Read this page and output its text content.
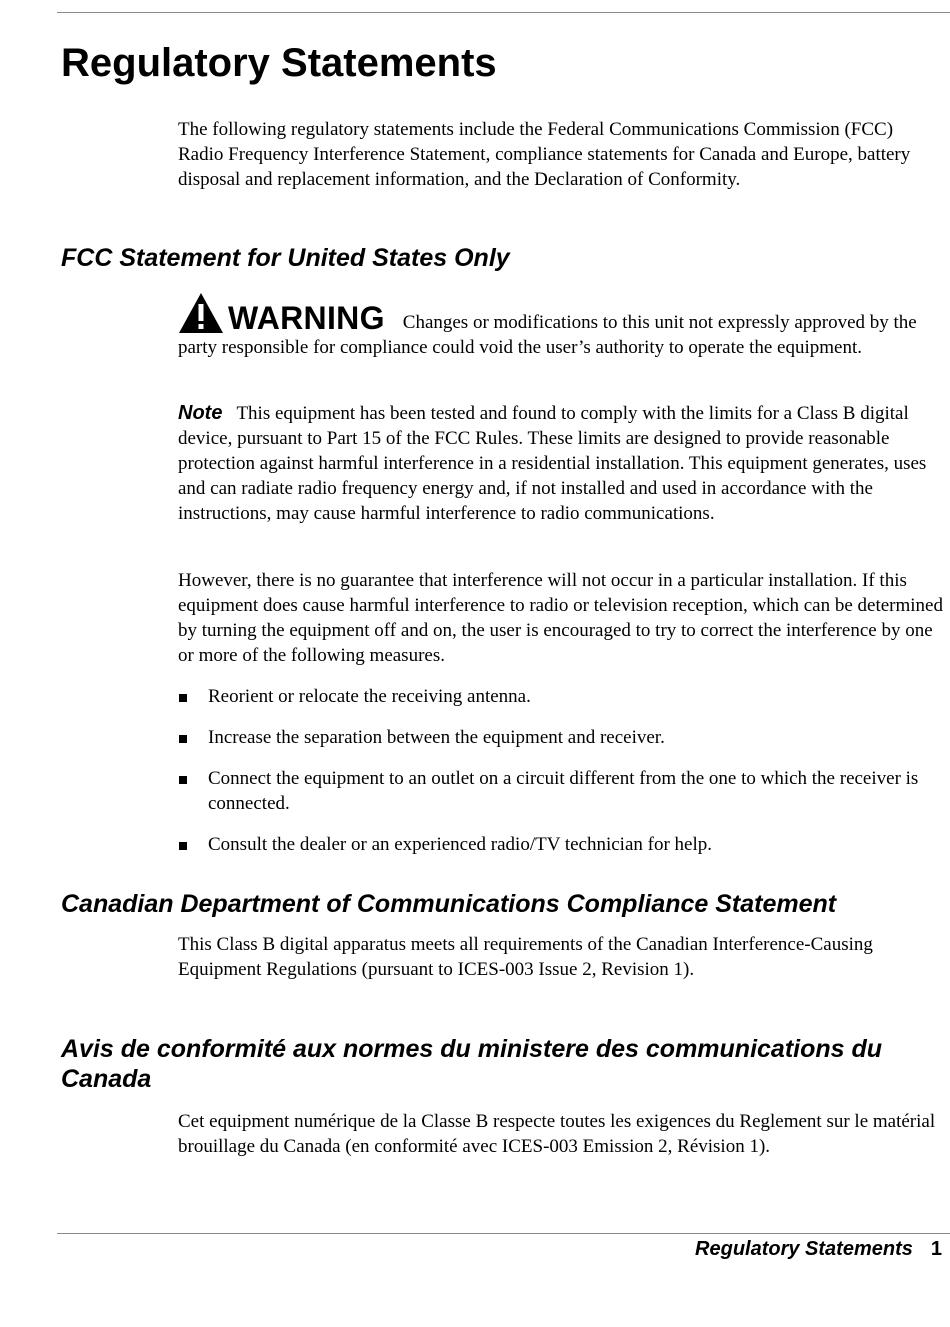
Regulatory Statements

The following regulatory statements include the Federal Communications Commission (FCC) Radio Frequency Interference Statement, compliance statements for Canada and Europe, battery disposal and replacement information, and the Declaration of Conformity.

FCC Statement for United States Only

WARNING Changes or modifications to this unit not expressly approved by the party responsible for compliance could void the user’s authority to operate the equipment.

Note This equipment has been tested and found to comply with the limits for a Class B digital device, pursuant to Part 15 of the FCC Rules. These limits are designed to provide reasonable protection against harmful interference in a residential installation. This equipment generates, uses and can radiate radio frequency energy and, if not installed and used in accordance with the instructions, may cause harmful interference to radio communications.

However, there is no guarantee that interference will not occur in a particular installation. If this equipment does cause harmful interference to radio or television reception, which can be determined by turning the equipment off and on, the user is encouraged to try to correct the interference by one or more of the following measures.

Reorient or relocate the receiving antenna.
Increase the separation between the equipment and receiver.
Connect the equipment to an outlet on a circuit different from the one to which the receiver is connected.
Consult the dealer or an experienced radio/TV technician for help.
Canadian Department of Communications Compliance Statement

This Class B digital apparatus meets all requirements of the Canadian Interference-Causing Equipment Regulations (pursuant to ICES-003 Issue 2, Revision 1).

Avis de conformité aux normes du ministere des communications du
Canada

Cet equipment numérique de la Classe B respecte toutes les exigences du Reglement sur le matérial brouillage du Canada (en conformité avec ICES-003 Emission 2, Révision 1).

Regulatory Statements 1
